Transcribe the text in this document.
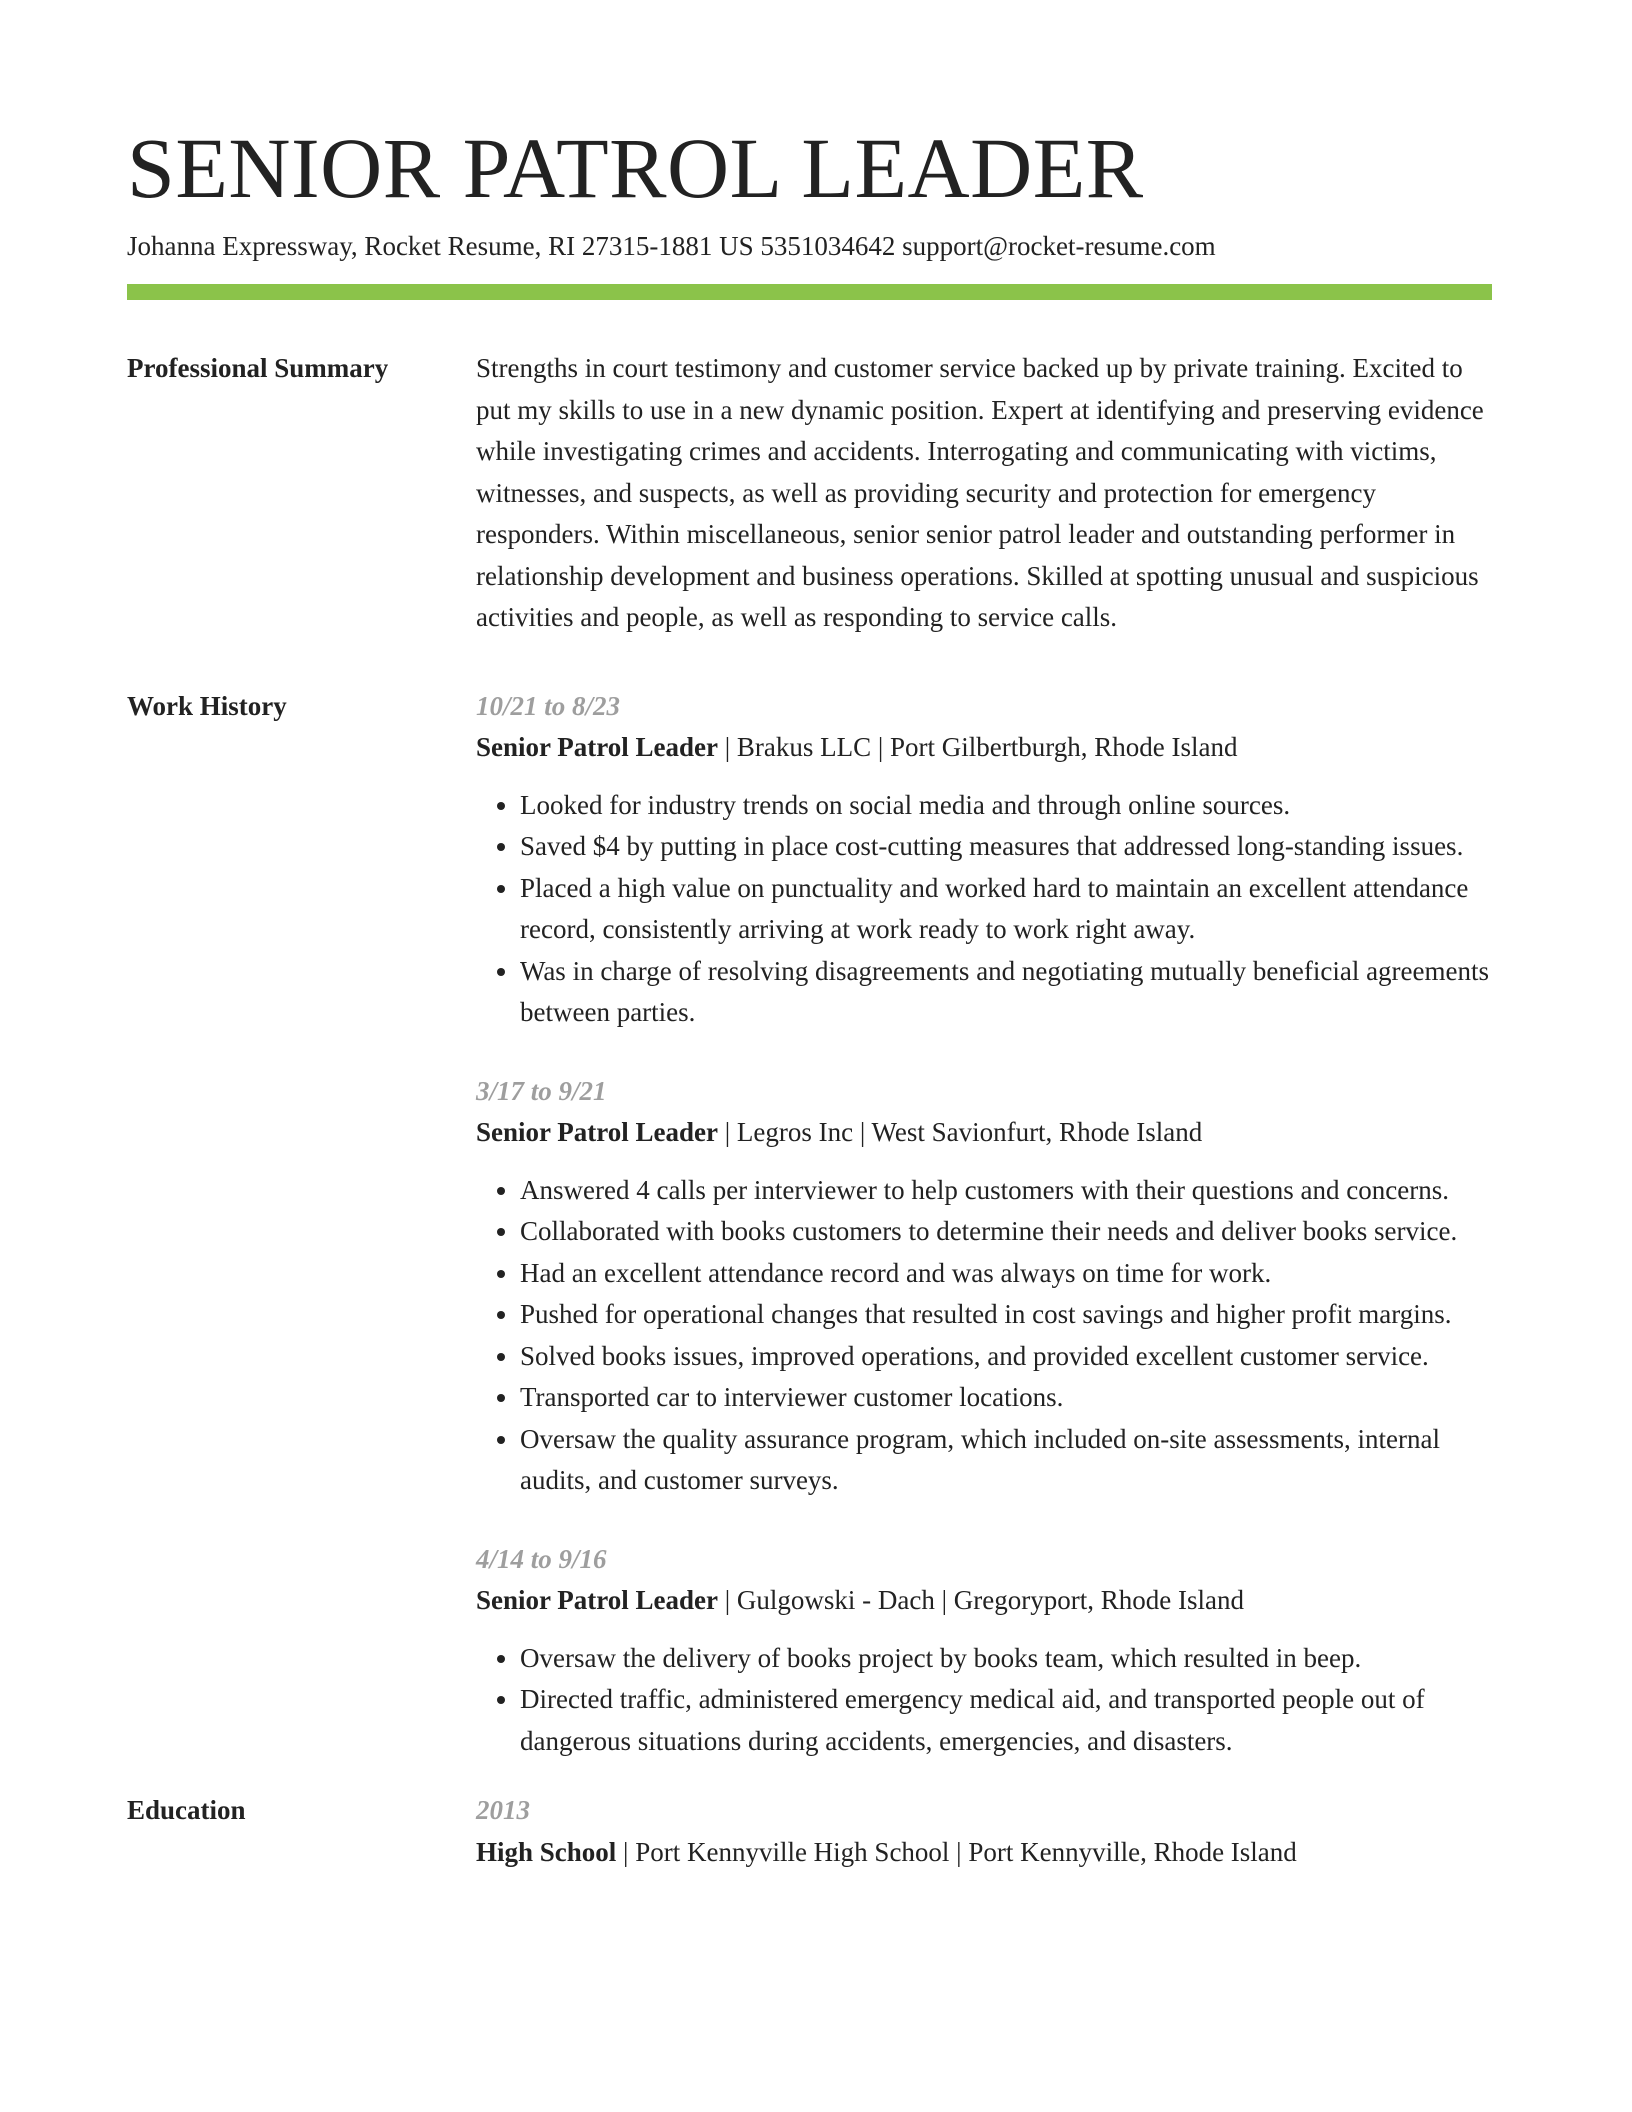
SENIOR PATROL LEADER
Johanna Expressway, Rocket Resume, RI 27315-1881 US 5351034642 support@rocket-resume.com
Professional Summary	Strengths in court testimony and customer service backed up by private training. Excited to put my skills to use in a new dynamic position. Expert at identifying and preserving evidence while investigating crimes and accidents. Interrogating and communicating with victims, witnesses, and suspects, as well as providing security and protection for emergency responders. Within miscellaneous, senior senior patrol leader and outstanding performer in relationship development and business operations. Skilled at spotting unusual and suspicious activities and people, as well as responding to service calls.

Work History	10/21 to 8/23
Senior Patrol Leader | Brakus LLC | Port Gilbertburgh, Rhode Island
• Looked for industry trends on social media and through online sources.
• Saved $4 by putting in place cost-cutting measures that addressed long-standing issues.
• Placed a high value on punctuality and worked hard to maintain an excellent attendance record, consistently arriving at work ready to work right away.
• Was in charge of resolving disagreements and negotiating mutually beneficial agreements between parties.
3/17 to 9/21
Senior Patrol Leader | Legros Inc | West Savionfurt, Rhode Island
• Answered 4 calls per interviewer to help customers with their questions and concerns.
• Collaborated with books customers to determine their needs and deliver books service.
• Had an excellent attendance record and was always on time for work.
• Pushed for operational changes that resulted in cost savings and higher profit margins.
• Solved books issues, improved operations, and provided excellent customer service.
• Transported car to interviewer customer locations.
• Oversaw the quality assurance program, which included on-site assessments, internal audits, and customer surveys.
4/14 to 9/16
Senior Patrol Leader | Gulgowski - Dach | Gregoryport, Rhode Island
• Oversaw the delivery of books project by books team, which resulted in beep.
• Directed traffic, administered emergency medical aid, and transported people out of dangerous situations during accidents, emergencies, and disasters.
Education	2013
High School | Port Kennyville High School | Port Kennyville, Rhode Island
